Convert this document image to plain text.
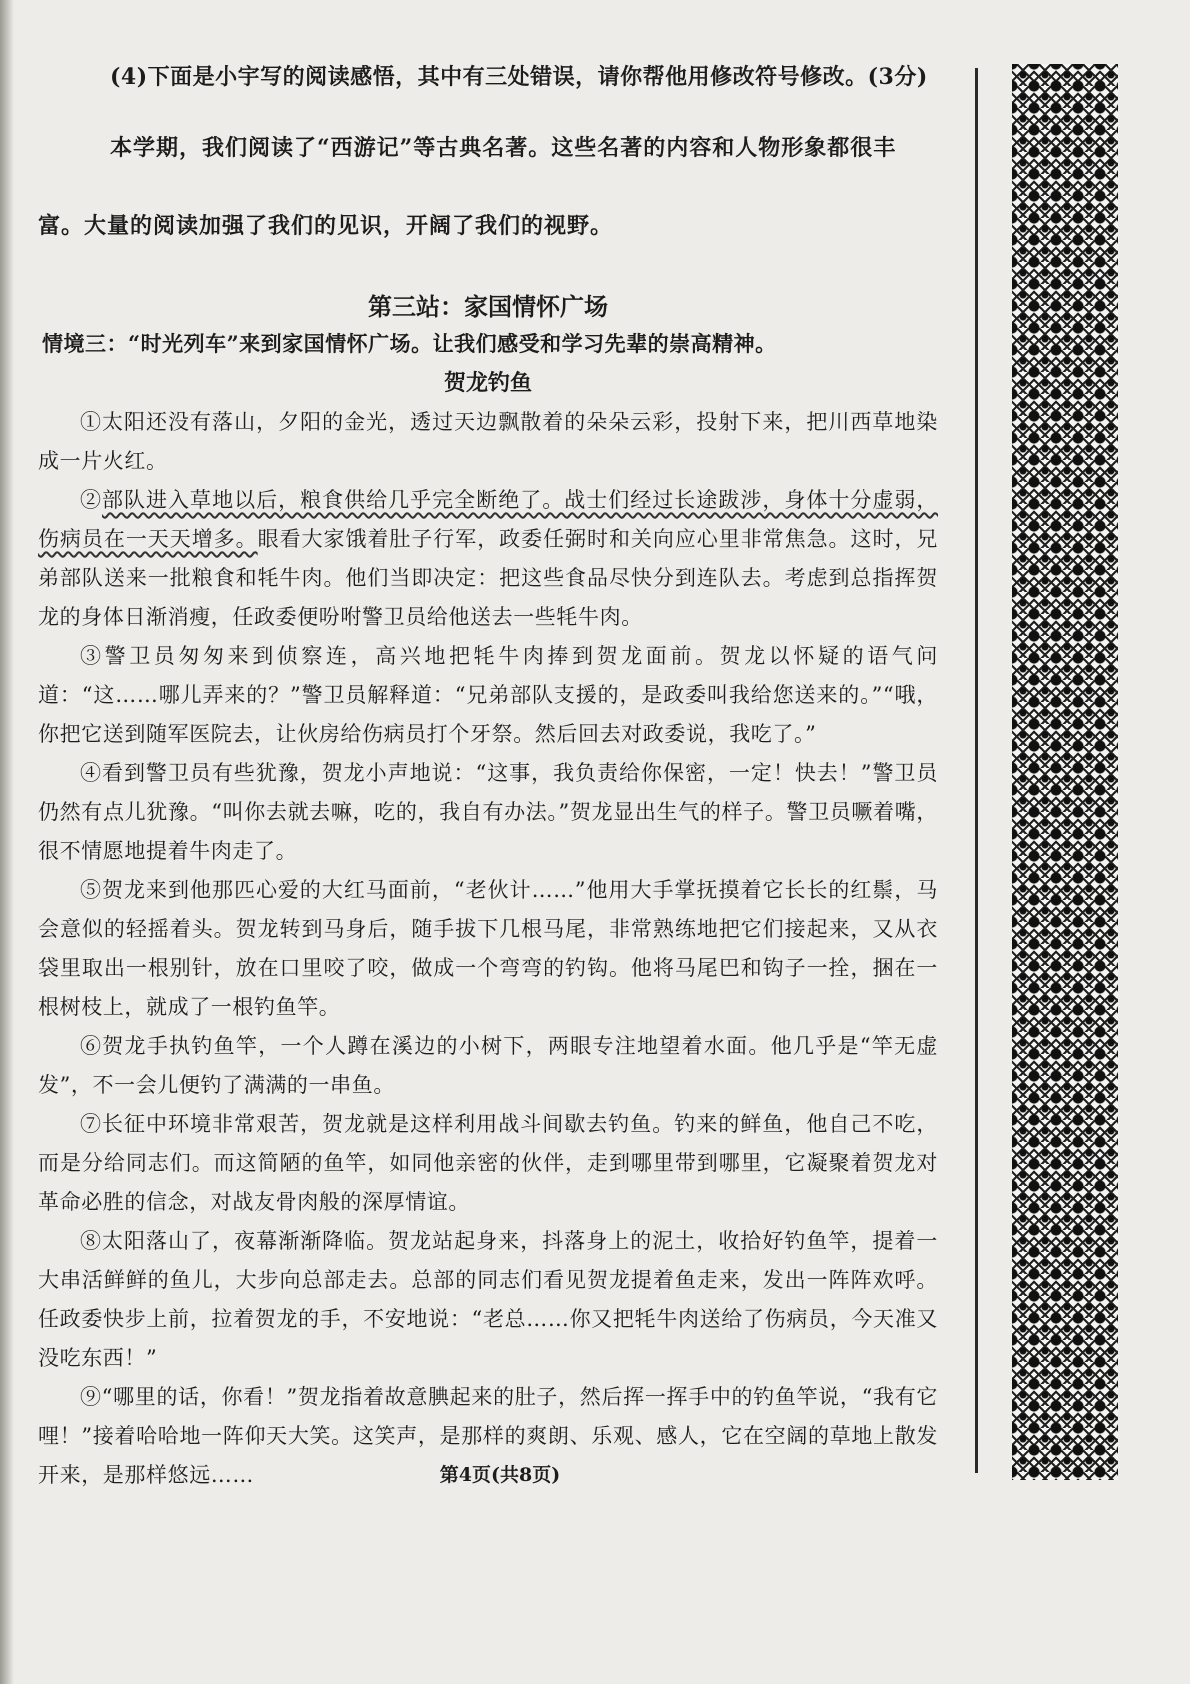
(4)下面是小宇写的阅读感悟，其中有三处错误，请你帮他用修改符号修改。(3分)
本学期，我们阅读了“西游记”等古典名著。这些名著的内容和人物形象都很丰
富。大量的阅读加强了我们的见识，开阔了我们的视野。
第三站：家国情怀广场
情境三：“时光列车”来到家国情怀广场。让我们感受和学习先辈的崇高精神。
贺龙钓鱼
①太阳还没有落山，夕阳的金光，透过天边飘散着的朵朵云彩，投射下来，把川西草地染成一片火红。
②部队进入草地以后，粮食供给几乎完全断绝了。战士们经过长途跋涉，身体十分虚弱，伤病员在一天天增多。眼看大家饿着肚子行军，政委任弼时和关向应心里非常焦急。这时，兄弟部队送来一批粮食和牦牛肉。他们当即决定：把这些食品尽快分到连队去。考虑到总指挥贺龙的身体日渐消瘦，任政委便吩咐警卫员给他送去一些牦牛肉。
③警卫员匆匆来到侦察连，高兴地把牦牛肉捧到贺龙面前。贺龙以怀疑的语气问道：“这……哪儿弄来的？”警卫员解释道：“兄弟部队支援的，是政委叫我给您送来的。”“哦，你把它送到随军医院去，让伙房给伤病员打个牙祭。然后回去对政委说，我吃了。”
④看到警卫员有些犹豫，贺龙小声地说：“这事，我负责给你保密，一定！快去！”警卫员仍然有点儿犹豫。“叫你去就去嘛，吃的，我自有办法。”贺龙显出生气的样子。警卫员噘着嘴，很不情愿地提着牛肉走了。
⑤贺龙来到他那匹心爱的大红马面前，“老伙计……”他用大手掌抚摸着它长长的红鬃，马会意似的轻摇着头。贺龙转到马身后，随手拔下几根马尾，非常熟练地把它们接起来，又从衣袋里取出一根别针，放在口里咬了咬，做成一个弯弯的钓钩。他将马尾巴和钩子一拴，捆在一根树枝上，就成了一根钓鱼竿。
⑥贺龙手执钓鱼竿，一个人蹲在溪边的小树下，两眼专注地望着水面。他几乎是“竿无虚发”，不一会儿便钓了满满的一串鱼。
⑦长征中环境非常艰苦，贺龙就是这样利用战斗间歇去钓鱼。钓来的鲜鱼，他自己不吃，而是分给同志们。而这简陋的鱼竿，如同他亲密的伙伴，走到哪里带到哪里，它凝聚着贺龙对革命必胜的信念，对战友骨肉般的深厚情谊。
⑧太阳落山了，夜幕渐渐降临。贺龙站起身来，抖落身上的泥土，收拾好钓鱼竿，提着一大串活鲜鲜的鱼儿，大步向总部走去。总部的同志们看见贺龙提着鱼走来，发出一阵阵欢呼。任政委快步上前，拉着贺龙的手，不安地说：“老总……你又把牦牛肉送给了伤病员，今天准又没吃东西！”
⑨“哪里的话，你看！”贺龙指着故意腆起来的肚子，然后挥一挥手中的钓鱼竿说，“我有它哩！”接着哈哈地一阵仰天大笑。这笑声，是那样的爽朗、乐观、感人，它在空阔的草地上散发开来，是那样悠远……	第4页(共8页)
